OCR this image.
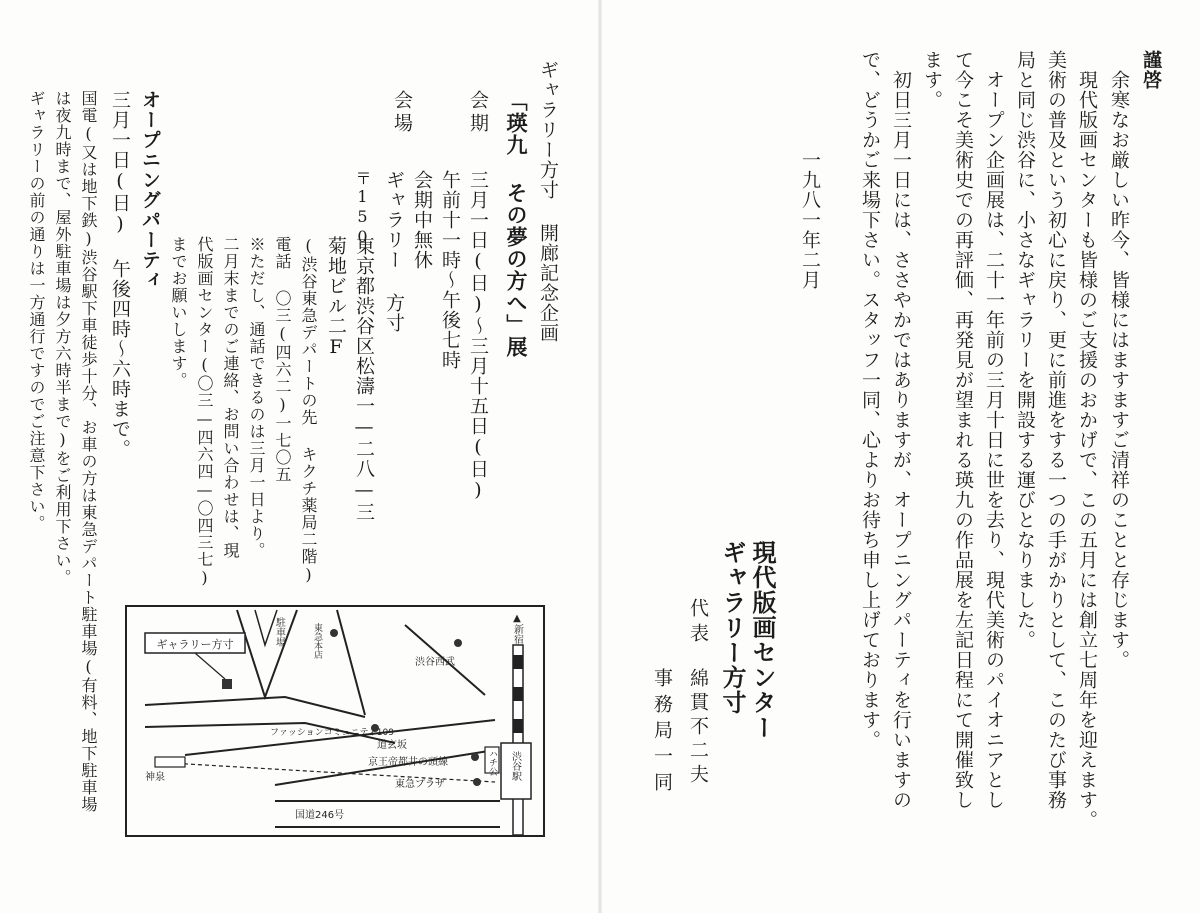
謹啓
余寒なお厳しい昨今、皆様にはますますご清祥のことと存じます。
現代版画センターも皆様のご支援のおかげで、この五月には創立七周年を迎えます。
美術の普及という初心に戻り、更に前進をする一つの手がかりとして、このたび事務
局と同じ渋谷に、小さなギャラリーを開設する運びとなりました。
オープン企画展は、二十一年前の三月十日に世を去り、現代美術のパイオニアとし
て今こそ美術史での再評価、再発見が望まれる瑛九の作品展を左記日程にて開催致し
ます。
初日三月一日には、ささやかではありますが、オープニングパーティを行いますの
で、どうかご来場下さい。スタッフ一同、心よりお待ち申し上げております。
一九八一年二月
現代版画センター
ギャラリー方寸
代表
綿貫不二夫
事務局一同
ギャラリー方寸 開廊記念企画
「瑛九 その夢の方へ」展
会期
三月一日(日)〜三月十五日(日)
午前十一時〜午後七時
会期中無休
会場
ギャラリー 方寸
〒150
東京都渋谷区松濤一—二八—三
菊地ビル二F
(渋谷東急デパートの先 キクチ薬局二階)
電話 〇三(四六二)一七〇五
※ただし、通話できるのは三月一日より。
二月末までのご連絡、お問い合わせは、現
代版画センター(〇三—四六四—〇四三七)
までお願いします。
オープニングパーティ
三月一日(日) 午後四時〜六時まで。
国電(又は地下鉄)渋谷駅下車徒歩十分、お車の方は東急デパート駐車場(有料、地下駐車場
は夜九時まで、屋外駐車場は夕方六時半まで)をご利用下さい。
ギャラリーの前の通りは一方通行ですのでご注意下さい。
ギャラリー方寸	駐車場	東急本店	▲新宿
渋谷西武
ファッションコミュニティ109
道玄坂
神泉
京王帝都井の頭線
東急プラザ
ハチ公 渋谷駅
国道246号
